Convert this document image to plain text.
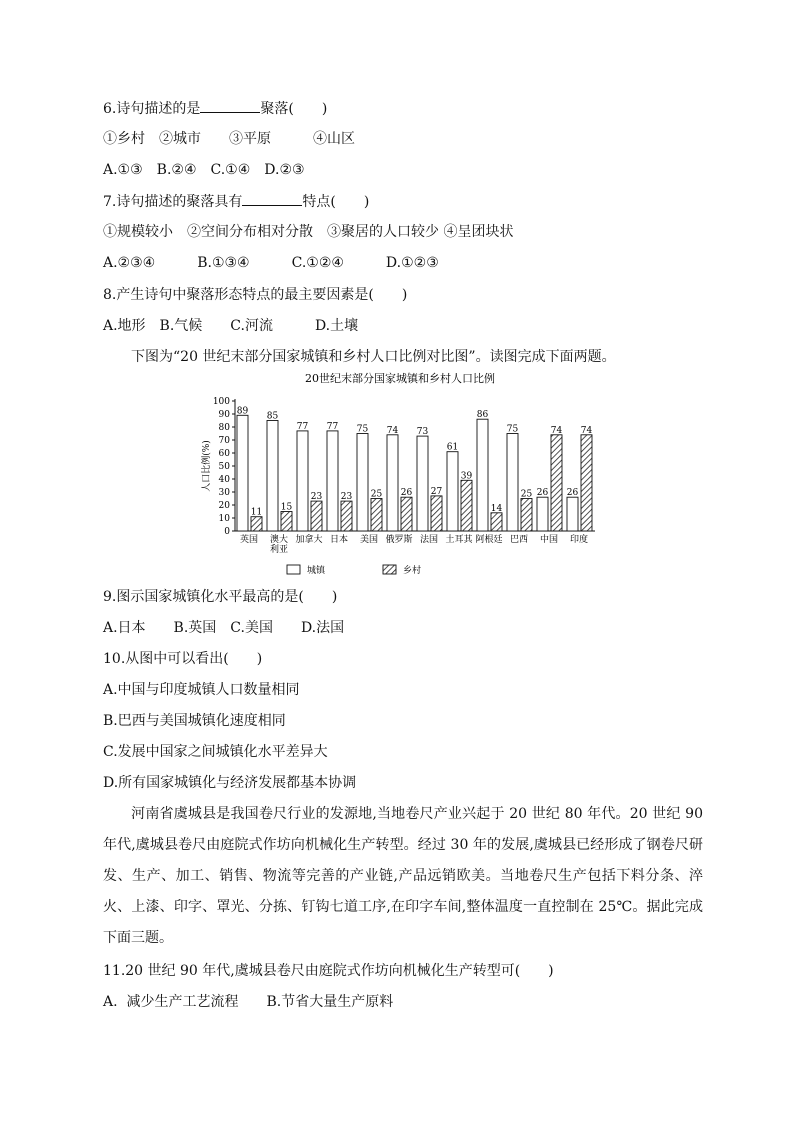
6.诗句描述的是	聚落(　　)
①乡村　②城市　　③平原　　　④山区
A.①③　B.②④　C.①④　D.②③
7.诗句描述的聚落具有	特点(　　)
①规模较小　②空间分布相对分散　③聚居的人口较少 ④呈团块状
A.②③④　　　B.①③④　　　C.①②④　　　D.①②③
8.产生诗句中聚落形态特点的最主要因素是(　　)
A.地形　B.气候　　C.河流　　　D.土壤
下图为“20 世纪末部分国家城镇和乡村人口比例对比图”。读图完成下面两题。
20世纪末部分国家城镇和乡村人口比例
0
10
20
30
40
50
60
70
80
90
100
人口比例(%)
89
11
英国
85
15
澳大
利亚
77
23
加拿大
77
23
日本
75
25
美国
74
26
俄罗斯
73
27
法国
61
39
土耳其
86
14
阿根廷
75
25
巴西
26
74
中国
26
74
印度
城镇	乡村
9.图示国家城镇化水平最高的是(　　)
A.日本　　B.英国　C.美国　　D.法国
10.从图中可以看出(　　)
A.中国与印度城镇人口数量相同
B.巴西与美国城镇化速度相同
C.发展中国家之间城镇化水平差异大
D.所有国家城镇化与经济发展都基本协调
河南省虞城县是我国卷尺行业的发源地,当地卷尺产业兴起于 20 世纪 80 年代。20 世纪 90 年代,虞城县卷尺由庭院式作坊向机械化生产转型。经过 30 年的发展,虞城县已经形成了钢卷尺研发、生产、加工、销售、物流等完善的产业链,产品远销欧美。当地卷尺生产包括下料分条、淬火、上漆、印字、罩光、分拣、钉钩七道工序,在印字车间,整体温度一直控制在 25℃。据此完成下面三题。
11.20 世纪 90 年代,虞城县卷尺由庭院式作坊向机械化生产转型可(　　)
A.  减少生产工艺流程　　B.节省大量生产原料
